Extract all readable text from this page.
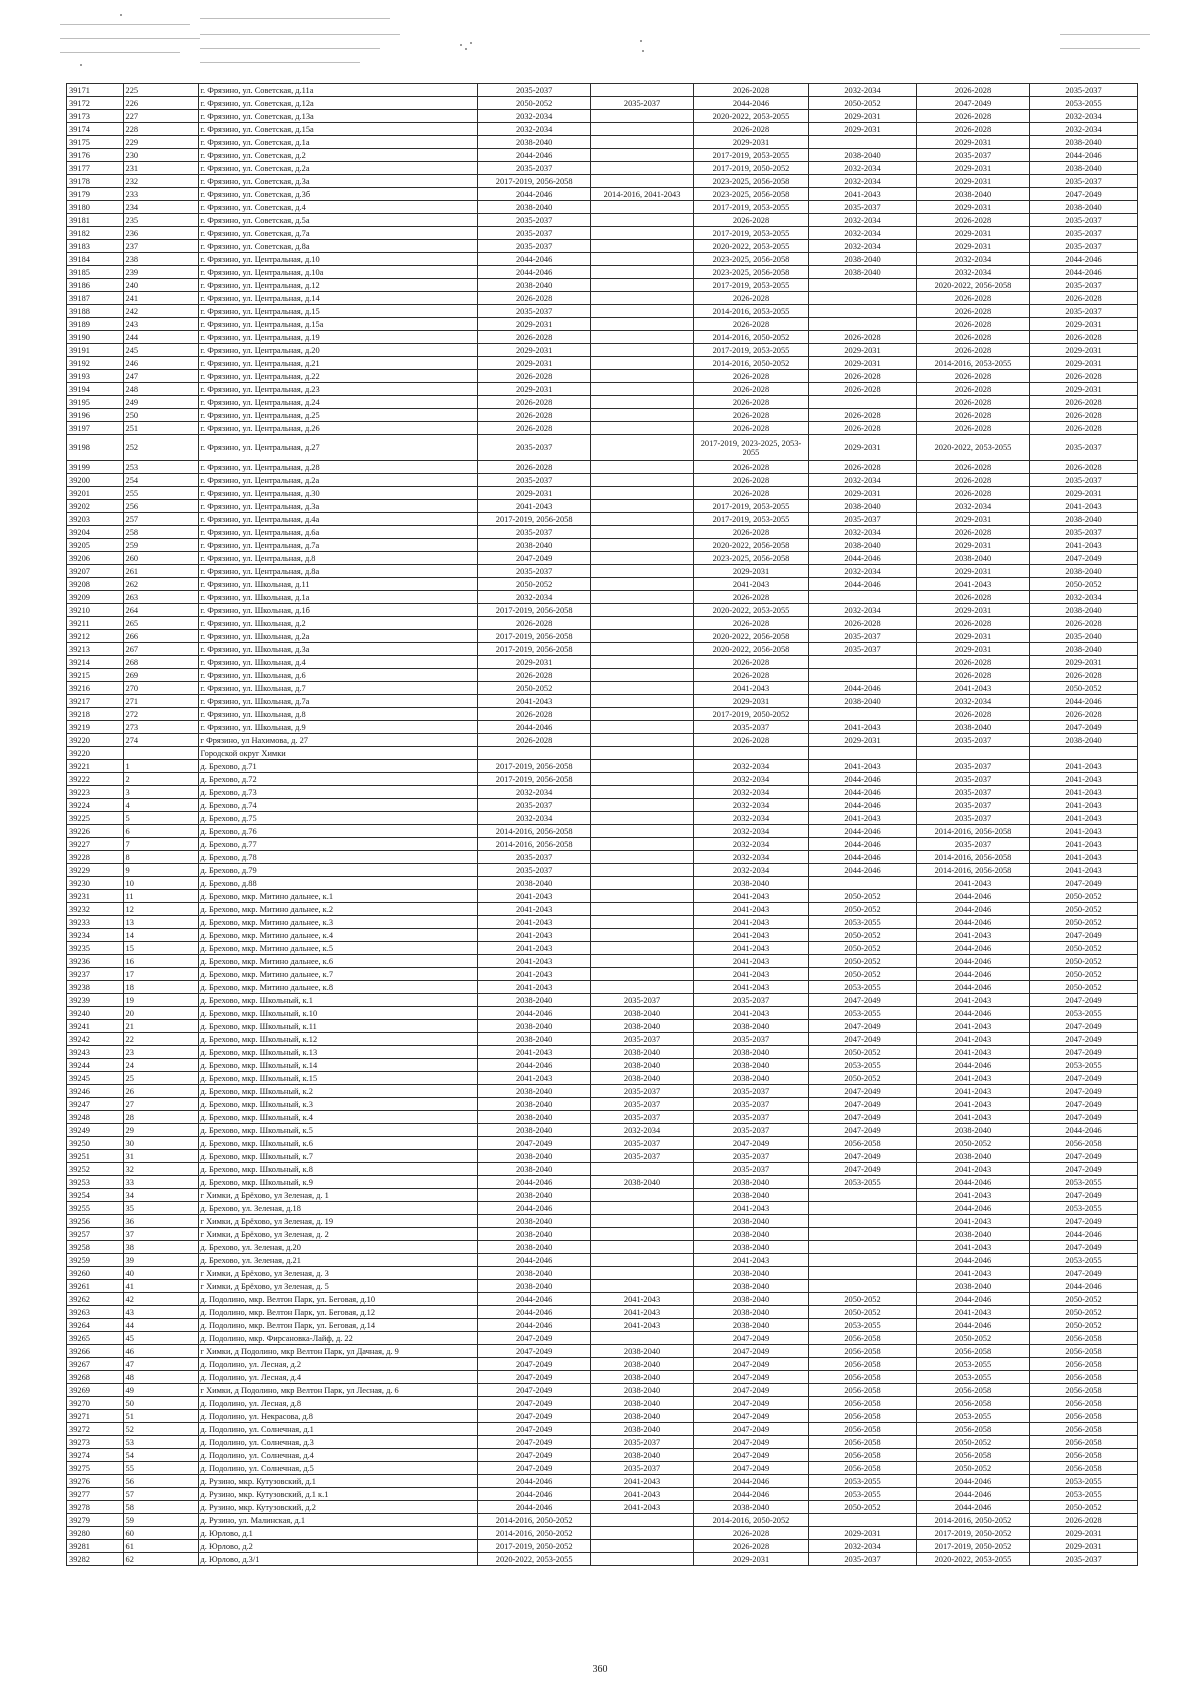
39171	225	г. Фрязино, ул. Советская, д.11а	2035-2037		2026-2028	2032-2034	2026-2028	2035-2037
39172	226	г. Фрязино, ул. Советская, д.12а	2050-2052	2035-2037	2044-2046	2050-2052	2047-2049	2053-2055
39173	227	г. Фрязино, ул. Советская, д.13а	2032-2034		2020-2022, 2053-2055	2029-2031	2026-2028	2032-2034
39174	228	г. Фрязино, ул. Советская, д.15а	2032-2034		2026-2028	2029-2031	2026-2028	2032-2034
39175	229	г. Фрязино, ул. Советская, д.1а	2038-2040		2029-2031		2029-2031	2038-2040
39176	230	г. Фрязино, ул. Советская, д.2	2044-2046		2017-2019, 2053-2055	2038-2040	2035-2037	2044-2046
39177	231	г. Фрязино, ул. Советская, д.2а	2035-2037		2017-2019, 2050-2052	2032-2034	2029-2031	2038-2040
39178	232	г. Фрязино, ул. Советская, д.3а	2017-2019, 2056-2058		2023-2025, 2056-2058	2032-2034	2029-2031	2035-2037
39179	233	г. Фрязино, ул. Советская, д.3б	2044-2046	2014-2016, 2041-2043	2023-2025, 2056-2058	2041-2043	2038-2040	2047-2049
39180	234	г. Фрязино, ул. Советская, д.4	2038-2040		2017-2019, 2053-2055	2035-2037	2029-2031	2038-2040
39181	235	г. Фрязино, ул. Советская, д.5а	2035-2037		2026-2028	2032-2034	2026-2028	2035-2037
39182	236	г. Фрязино, ул. Советская, д.7а	2035-2037		2017-2019, 2053-2055	2032-2034	2029-2031	2035-2037
39183	237	г. Фрязино, ул. Советская, д.8а	2035-2037		2020-2022, 2053-2055	2032-2034	2029-2031	2035-2037
39184	238	г. Фрязино, ул. Центральная, д.10	2044-2046		2023-2025, 2056-2058	2038-2040	2032-2034	2044-2046
39185	239	г. Фрязино, ул. Центральная, д.10а	2044-2046		2023-2025, 2056-2058	2038-2040	2032-2034	2044-2046
39186	240	г. Фрязино, ул. Центральная, д.12	2038-2040		2017-2019, 2053-2055		2020-2022, 2056-2058	2035-2037
39187	241	г. Фрязино, ул. Центральная, д.14	2026-2028		2026-2028		2026-2028	2026-2028
39188	242	г. Фрязино, ул. Центральная, д.15	2035-2037		2014-2016, 2053-2055		2026-2028	2035-2037
39189	243	г. Фрязино, ул. Центральная, д.15а	2029-2031		2026-2028		2026-2028	2029-2031
39190	244	г. Фрязино, ул. Центральная, д.19	2026-2028		2014-2016, 2050-2052	2026-2028	2026-2028	2026-2028
39191	245	г. Фрязино, ул. Центральная, д.20	2029-2031		2017-2019, 2053-2055	2029-2031	2026-2028	2029-2031
39192	246	г. Фрязино, ул. Центральная, д.21	2029-2031		2014-2016, 2050-2052	2029-2031	2014-2016, 2053-2055	2029-2031
39193	247	г. Фрязино, ул. Центральная, д.22	2026-2028		2026-2028	2026-2028	2026-2028	2026-2028
39194	248	г. Фрязино, ул. Центральная, д.23	2029-2031		2026-2028	2026-2028	2026-2028	2029-2031
39195	249	г. Фрязино, ул. Центральная, д.24	2026-2028		2026-2028		2026-2028	2026-2028
39196	250	г. Фрязино, ул. Центральная, д.25	2026-2028		2026-2028	2026-2028	2026-2028	2026-2028
39197	251	г. Фрязино, ул. Центральная, д.26	2026-2028		2026-2028	2026-2028	2026-2028	2026-2028
39198	252	г. Фрязино, ул. Центральная, д.27	2035-2037		2017-2019, 2023-2025, 2053-2055	2029-2031	2020-2022, 2053-2055	2035-2037
39199	253	г. Фрязино, ул. Центральная, д.28	2026-2028		2026-2028	2026-2028	2026-2028	2026-2028
39200	254	г. Фрязино, ул. Центральная, д.2а	2035-2037		2026-2028	2032-2034	2026-2028	2035-2037
39201	255	г. Фрязино, ул. Центральная, д.30	2029-2031		2026-2028	2029-2031	2026-2028	2029-2031
39202	256	г. Фрязино, ул. Центральная, д.3а	2041-2043		2017-2019, 2053-2055	2038-2040	2032-2034	2041-2043
39203	257	г. Фрязино, ул. Центральная, д.4а	2017-2019, 2056-2058		2017-2019, 2053-2055	2035-2037	2029-2031	2038-2040
39204	258	г. Фрязино, ул. Центральная, д.6а	2035-2037		2026-2028	2032-2034	2026-2028	2035-2037
39205	259	г. Фрязино, ул. Центральная, д.7а	2038-2040		2020-2022, 2056-2058	2038-2040	2029-2031	2041-2043
39206	260	г. Фрязино, ул. Центральная, д.8	2047-2049		2023-2025, 2056-2058	2044-2046	2038-2040	2047-2049
39207	261	г. Фрязино, ул. Центральная, д.8а	2035-2037		2029-2031	2032-2034	2029-2031	2038-2040
39208	262	г. Фрязино, ул. Школьная, д.11	2050-2052		2041-2043	2044-2046	2041-2043	2050-2052
39209	263	г. Фрязино, ул. Школьная, д.1а	2032-2034		2026-2028		2026-2028	2032-2034
39210	264	г. Фрязино, ул. Школьная, д.1б	2017-2019, 2056-2058		2020-2022, 2053-2055	2032-2034	2029-2031	2038-2040
39211	265	г. Фрязино, ул. Школьная, д.2	2026-2028		2026-2028	2026-2028	2026-2028	2026-2028
39212	266	г. Фрязино, ул. Школьная, д.2а	2017-2019, 2056-2058		2020-2022, 2056-2058	2035-2037	2029-2031	2035-2040
39213	267	г. Фрязино, ул. Школьная, д.3а	2017-2019, 2056-2058		2020-2022, 2056-2058	2035-2037	2029-2031	2038-2040
39214	268	г. Фрязино, ул. Школьная, д.4	2029-2031		2026-2028		2026-2028	2029-2031
39215	269	г. Фрязино, ул. Школьная, д.6	2026-2028		2026-2028		2026-2028	2026-2028
39216	270	г. Фрязино, ул. Школьная, д.7	2050-2052		2041-2043	2044-2046	2041-2043	2050-2052
39217	271	г. Фрязино, ул. Школьная, д.7а	2041-2043		2029-2031	2038-2040	2032-2034	2044-2046
39218	272	г. Фрязино, ул. Школьная, д.8	2026-2028		2017-2019, 2050-2052		2026-2028	2026-2028
39219	273	г. Фрязино, ул. Школьная, д.9	2044-2046		2035-2037	2041-2043	2038-2040	2047-2049
39220	274	г Фрязино, ул Нахимова, д. 27	2026-2028		2026-2028	2029-2031	2035-2037	2038-2040
39220		Городской округ Химки						
39221	1	д. Брехово, д.71	2017-2019, 2056-2058		2032-2034	2041-2043	2035-2037	2041-2043
39222	2	д. Брехово, д.72	2017-2019, 2056-2058		2032-2034	2044-2046	2035-2037	2041-2043
39223	3	д. Брехово, д.73	2032-2034		2032-2034	2044-2046	2035-2037	2041-2043
39224	4	д. Брехово, д.74	2035-2037		2032-2034	2044-2046	2035-2037	2041-2043
39225	5	д. Брехово, д.75	2032-2034		2032-2034	2041-2043	2035-2037	2041-2043
39226	6	д. Брехово, д.76	2014-2016, 2056-2058		2032-2034	2044-2046	2014-2016, 2056-2058	2041-2043
39227	7	д. Брехово, д.77	2014-2016, 2056-2058		2032-2034	2044-2046	2035-2037	2041-2043
39228	8	д. Брехово, д.78	2035-2037		2032-2034	2044-2046	2014-2016, 2056-2058	2041-2043
39229	9	д. Брехово, д.79	2035-2037		2032-2034	2044-2046	2014-2016, 2056-2058	2041-2043
39230	10	д. Брехово, д.88	2038-2040		2038-2040		2041-2043	2047-2049
39231	11	д. Брехово, мкр. Митино дальнее, к.1	2041-2043		2041-2043	2050-2052	2044-2046	2050-2052
39232	12	д. Брехово, мкр. Митино дальнее, к.2	2041-2043		2041-2043	2050-2052	2044-2046	2050-2052
39233	13	д. Брехово, мкр. Митино дальнее, к.3	2041-2043		2041-2043	2053-2055	2044-2046	2050-2052
39234	14	д. Брехово, мкр. Митино дальнее, к.4	2041-2043		2041-2043	2050-2052	2041-2043	2047-2049
39235	15	д. Брехово, мкр. Митино дальнее, к.5	2041-2043		2041-2043	2050-2052	2044-2046	2050-2052
39236	16	д. Брехово, мкр. Митино дальнее, к.6	2041-2043		2041-2043	2050-2052	2044-2046	2050-2052
39237	17	д. Брехово, мкр. Митино дальнее, к.7	2041-2043		2041-2043	2050-2052	2044-2046	2050-2052
39238	18	д. Брехово, мкр. Митино дальнее, к.8	2041-2043		2041-2043	2053-2055	2044-2046	2050-2052
39239	19	д. Брехово, мкр. Школьный, к.1	2038-2040	2035-2037	2035-2037	2047-2049	2041-2043	2047-2049
39240	20	д. Брехово, мкр. Школьный, к.10	2044-2046	2038-2040	2041-2043	2053-2055	2044-2046	2053-2055
39241	21	д. Брехово, мкр. Школьный, к.11	2038-2040	2038-2040	2038-2040	2047-2049	2041-2043	2047-2049
39242	22	д. Брехово, мкр. Школьный, к.12	2038-2040	2035-2037	2035-2037	2047-2049	2041-2043	2047-2049
39243	23	д. Брехово, мкр. Школьный, к.13	2041-2043	2038-2040	2038-2040	2050-2052	2041-2043	2047-2049
39244	24	д. Брехово, мкр. Школьный, к.14	2044-2046	2038-2040	2038-2040	2053-2055	2044-2046	2053-2055
39245	25	д. Брехово, мкр. Школьный, к.15	2041-2043	2038-2040	2038-2040	2050-2052	2041-2043	2047-2049
39246	26	д. Брехово, мкр. Школьный, к.2	2038-2040	2035-2037	2035-2037	2047-2049	2041-2043	2047-2049
39247	27	д. Брехово, мкр. Школьный, к.3	2038-2040	2035-2037	2035-2037	2047-2049	2041-2043	2047-2049
39248	28	д. Брехово, мкр. Школьный, к.4	2038-2040	2035-2037	2035-2037	2047-2049	2041-2043	2047-2049
39249	29	д. Брехово, мкр. Школьный, к.5	2038-2040	2032-2034	2035-2037	2047-2049	2038-2040	2044-2046
39250	30	д. Брехово, мкр. Школьный, к.6	2047-2049	2035-2037	2047-2049	2056-2058	2050-2052	2056-2058
39251	31	д. Брехово, мкр. Школьный, к.7	2038-2040	2035-2037	2035-2037	2047-2049	2038-2040	2047-2049
39252	32	д. Брехово, мкр. Школьный, к.8	2038-2040		2035-2037	2047-2049	2041-2043	2047-2049
39253	33	д. Брехово, мкр. Школьный, к.9	2044-2046	2038-2040	2038-2040	2053-2055	2044-2046	2053-2055
39254	34	г Химки, д Брёхово, ул Зеленая, д. 1	2038-2040		2038-2040		2041-2043	2047-2049
39255	35	д. Брехово, ул. Зеленая, д.18	2044-2046		2041-2043		2044-2046	2053-2055
39256	36	г Химки, д Брёхово, ул Зеленая, д. 19	2038-2040		2038-2040		2041-2043	2047-2049
39257	37	г Химки, д Брёхово, ул Зеленая, д. 2	2038-2040		2038-2040		2038-2040	2044-2046
39258	38	д. Брехово, ул. Зеленая, д.20	2038-2040		2038-2040		2041-2043	2047-2049
39259	39	д. Брехово, ул. Зеленая, д.21	2044-2046		2041-2043		2044-2046	2053-2055
39260	40	г Химки, д Брёхово, ул Зеленая, д. 3	2038-2040		2038-2040		2041-2043	2047-2049
39261	41	г Химки, д Брёхово, ул Зеленая, д. 5	2038-2040		2038-2040		2038-2040	2044-2046
39262	42	д. Подолино, мкр. Велтон Парк, ул. Беговая, д.10	2044-2046	2041-2043	2038-2040	2050-2052	2044-2046	2050-2052
39263	43	д. Подолино, мкр. Велтон Парк, ул. Беговая, д.12	2044-2046	2041-2043	2038-2040	2050-2052	2041-2043	2050-2052
39264	44	д. Подолино, мкр. Велтон Парк, ул. Беговая, д.14	2044-2046	2041-2043	2038-2040	2053-2055	2044-2046	2050-2052
39265	45	д. Подолино, мкр. Фирсановка-Лайф, д. 22	2047-2049		2047-2049	2056-2058	2050-2052	2056-2058
39266	46	г Химки, д Подолино, мкр Велтон Парк, ул Дачная, д. 9	2047-2049	2038-2040	2047-2049	2056-2058	2056-2058	2056-2058
39267	47	д. Подолино, ул. Лесная, д.2	2047-2049	2038-2040	2047-2049	2056-2058	2053-2055	2056-2058
39268	48	д. Подолино, ул. Лесная, д.4	2047-2049	2038-2040	2047-2049	2056-2058	2053-2055	2056-2058
39269	49	г Химки, д Подолино, мкр Велтон Парк, ул Лесная, д. 6	2047-2049	2038-2040	2047-2049	2056-2058	2056-2058	2056-2058
39270	50	д. Подолино, ул. Лесная, д.8	2047-2049	2038-2040	2047-2049	2056-2058	2056-2058	2056-2058
39271	51	д. Подолино, ул. Некрасова, д.8	2047-2049	2038-2040	2047-2049	2056-2058	2053-2055	2056-2058
39272	52	д. Подолино, ул. Солнечная, д.1	2047-2049	2038-2040	2047-2049	2056-2058	2056-2058	2056-2058
39273	53	д. Подолино, ул. Солнечная, д.3	2047-2049	2035-2037	2047-2049	2056-2058	2050-2052	2056-2058
39274	54	д. Подолино, ул. Солнечная, д.4	2047-2049	2038-2040	2047-2049	2056-2058	2056-2058	2056-2058
39275	55	д. Подолино, ул. Солнечная, д.5	2047-2049	2035-2037	2047-2049	2056-2058	2050-2052	2056-2058
39276	56	д. Рузино, мкр. Кутузовский, д.1	2044-2046	2041-2043	2044-2046	2053-2055	2044-2046	2053-2055
39277	57	д. Рузино, мкр. Кутузовский, д.1 к.1	2044-2046	2041-2043	2044-2046	2053-2055	2044-2046	2053-2055
39278	58	д. Рузино, мкр. Кутузовский, д.2	2044-2046	2041-2043	2038-2040	2050-2052	2044-2046	2050-2052
39279	59	д. Рузино, ул. Малинская, д.1	2014-2016, 2050-2052		2014-2016, 2050-2052		2014-2016, 2050-2052	2026-2028
39280	60	д. Юрлово, д.1	2014-2016, 2050-2052		2026-2028	2029-2031	2017-2019, 2050-2052	2029-2031
39281	61	д. Юрлово, д.2	2017-2019, 2050-2052		2026-2028	2032-2034	2017-2019, 2050-2052	2029-2031
39282	62	д. Юрлово, д.3/1	2020-2022, 2053-2055		2029-2031	2035-2037	2020-2022, 2053-2055	2035-2037
360
